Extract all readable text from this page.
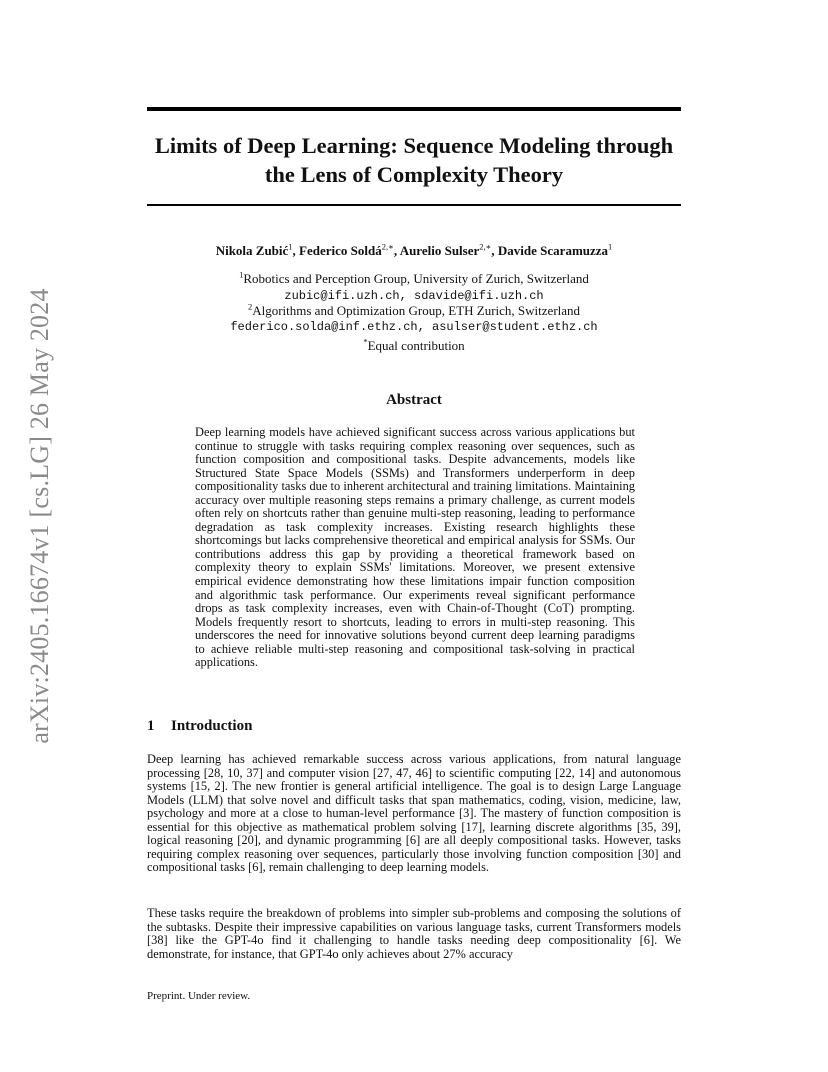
arXiv:2405.16674v1 [cs.LG] 26 May 2024
Limits of Deep Learning: Sequence Modeling through
the Lens of Complexity Theory
Nikola Zubić$^1$, Federico Soldá$^{2,∗}$, Aurelio Sulser$^{2,∗}$, Davide Scaramuzza$^1$
$^1$Robotics and Perception Group, University of Zurich, Switzerland
zubic@ifi.uzh.ch, sdavide@ifi.uzh.ch
$^2$Algorithms and Optimization Group, ETH Zurich, Switzerland
federico.solda@inf.ethz.ch, asulser@student.ethz.ch
*Equal contribution
Abstract

Deep learning models have achieved significant success across various applications but continue to struggle with tasks requiring complex reasoning over sequences, such as function composition and compositional tasks. Despite advancements, models like Structured State Space Models (SSMs) and Transformers underperform in deep compositionality tasks due to inherent architectural and training limitations. Maintaining accuracy over multiple reasoning steps remains a primary challenge, as current models often rely on shortcuts rather than genuine multi-step reasoning, leading to performance degradation as task complexity increases. Existing research highlights these shortcomings but lacks comprehensive theoretical and empirical analysis for SSMs. Our contributions address this gap by providing a theoretical framework based on complexity theory to explain SSMs' limitations. Moreover, we present extensive empirical evidence demonstrating how these limitations impair function composition and algorithmic task performance. Our experiments reveal significant performance drops as task complexity increases, even with Chain-of-Thought (CoT) prompting. Models frequently resort to shortcuts, leading to errors in multi-step reasoning. This underscores the need for innovative solutions beyond current deep learning paradigms to achieve reliable multi-step reasoning and compositional task-solving in practical applications.

1 Introduction

Deep learning has achieved remarkable success across various applications, from natural language processing [28, 10, 37] and computer vision [27, 47, 46] to scientific computing [22, 14] and autonomous systems [15, 2]. The new frontier is general artificial intelligence. The goal is to design Large Language Models (LLM) that solve novel and difficult tasks that span mathematics, coding, vision, medicine, law, psychology and more at a close to human-level performance [3]. The mastery of function composition is essential for this objective as mathematical problem solving [17], learning discrete algorithms [35, 39], logical reasoning [20], and dynamic programming [6] are all deeply compositional tasks. However, tasks requiring complex reasoning over sequences, particularly those involving function composition [30] and compositional tasks [6], remain challenging to deep learning models.

These tasks require the breakdown of problems into simpler sub-problems and composing the solutions of the subtasks. Despite their impressive capabilities on various language tasks, current Transformers models [38] like the GPT-4o find it challenging to handle tasks needing deep compositionality [6]. We demonstrate, for instance, that GPT-4o only achieves about 27% accuracy

Preprint. Under review.
